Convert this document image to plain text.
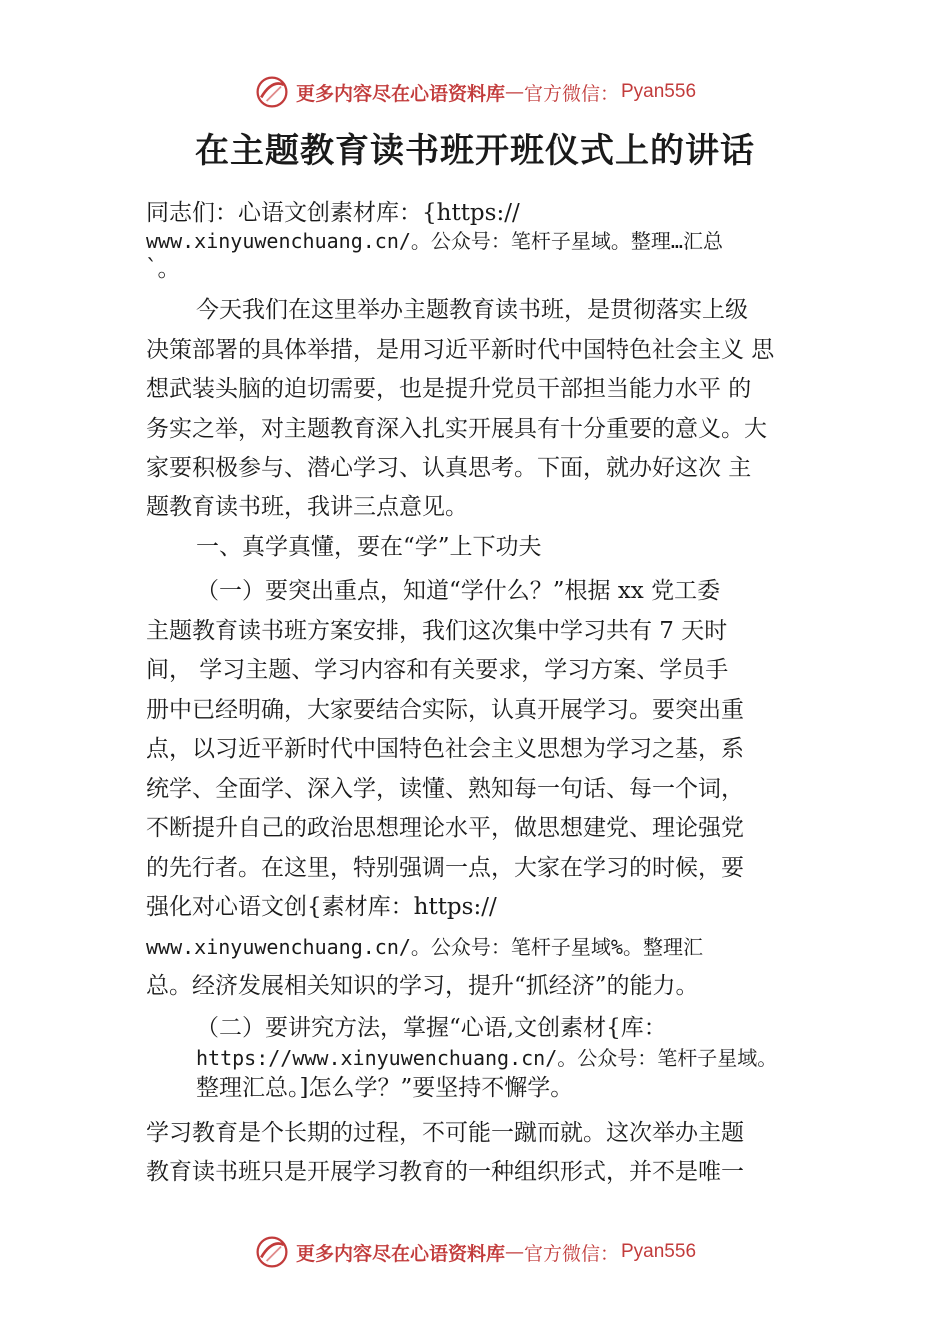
更多内容尽在心语资料库 — 官方微信： Pyan556
在主题教育读书班开班仪式上的讲话
同志们：心语文创素材库：{https://
www.xinyuwenchuang.cn/。公众号：笔杆子星域。整理…汇总
`。
今天我们在这里举办主题教育读书班，是贯彻落实上级
决策部署的具体举措，是用习近平新时代中国特色社会主义 思
想武装头脑的迫切需要，也是提升党员干部担当能力水平 的
务实之举，对主题教育深入扎实开展具有十分重要的意义。大
家要积极参与、潜心学习、认真思考。下面，就办好这次 主
题教育读书班，我讲三点意见。
一、真学真懂，要在“学”上下功夫
（一）要突出重点，知道“学什么？”根据 xx 党工委
主题教育读书班方案安排，我们这次集中学习共有 7 天时
间， 学习主题、学习内容和有关要求，学习方案、学员手
册中已经明确，大家要结合实际，认真开展学习。要突出重
点，以习近平新时代中国特色社会主义思想为学习之基，系
统学、全面学、深入学，读懂、熟知每一句话、每一个词，
不断提升自己的政治思想理论水平，做思想建党、理论强党
的先行者。在这里，特别强调一点，大家在学习的时候，要
强化对心语文创{素材库：https://
www.xinyuwenchuang.cn/。公众号：笔杆子星域%。整理汇
总。经济发展相关知识的学习，提升“抓经济”的能力。
（二）要讲究方法，掌握“心语,文创素材{库：
https://www.xinyuwenchuang.cn/。公众号：笔杆子星域。
整理汇总。]怎么学？”要坚持不懈学。
学习教育是个长期的过程，不可能一蹴而就。这次举办主题
教育读书班只是开展学习教育的一种组织形式，并不是唯一
更多内容尽在心语资料库 — 官方微信： Pyan556
